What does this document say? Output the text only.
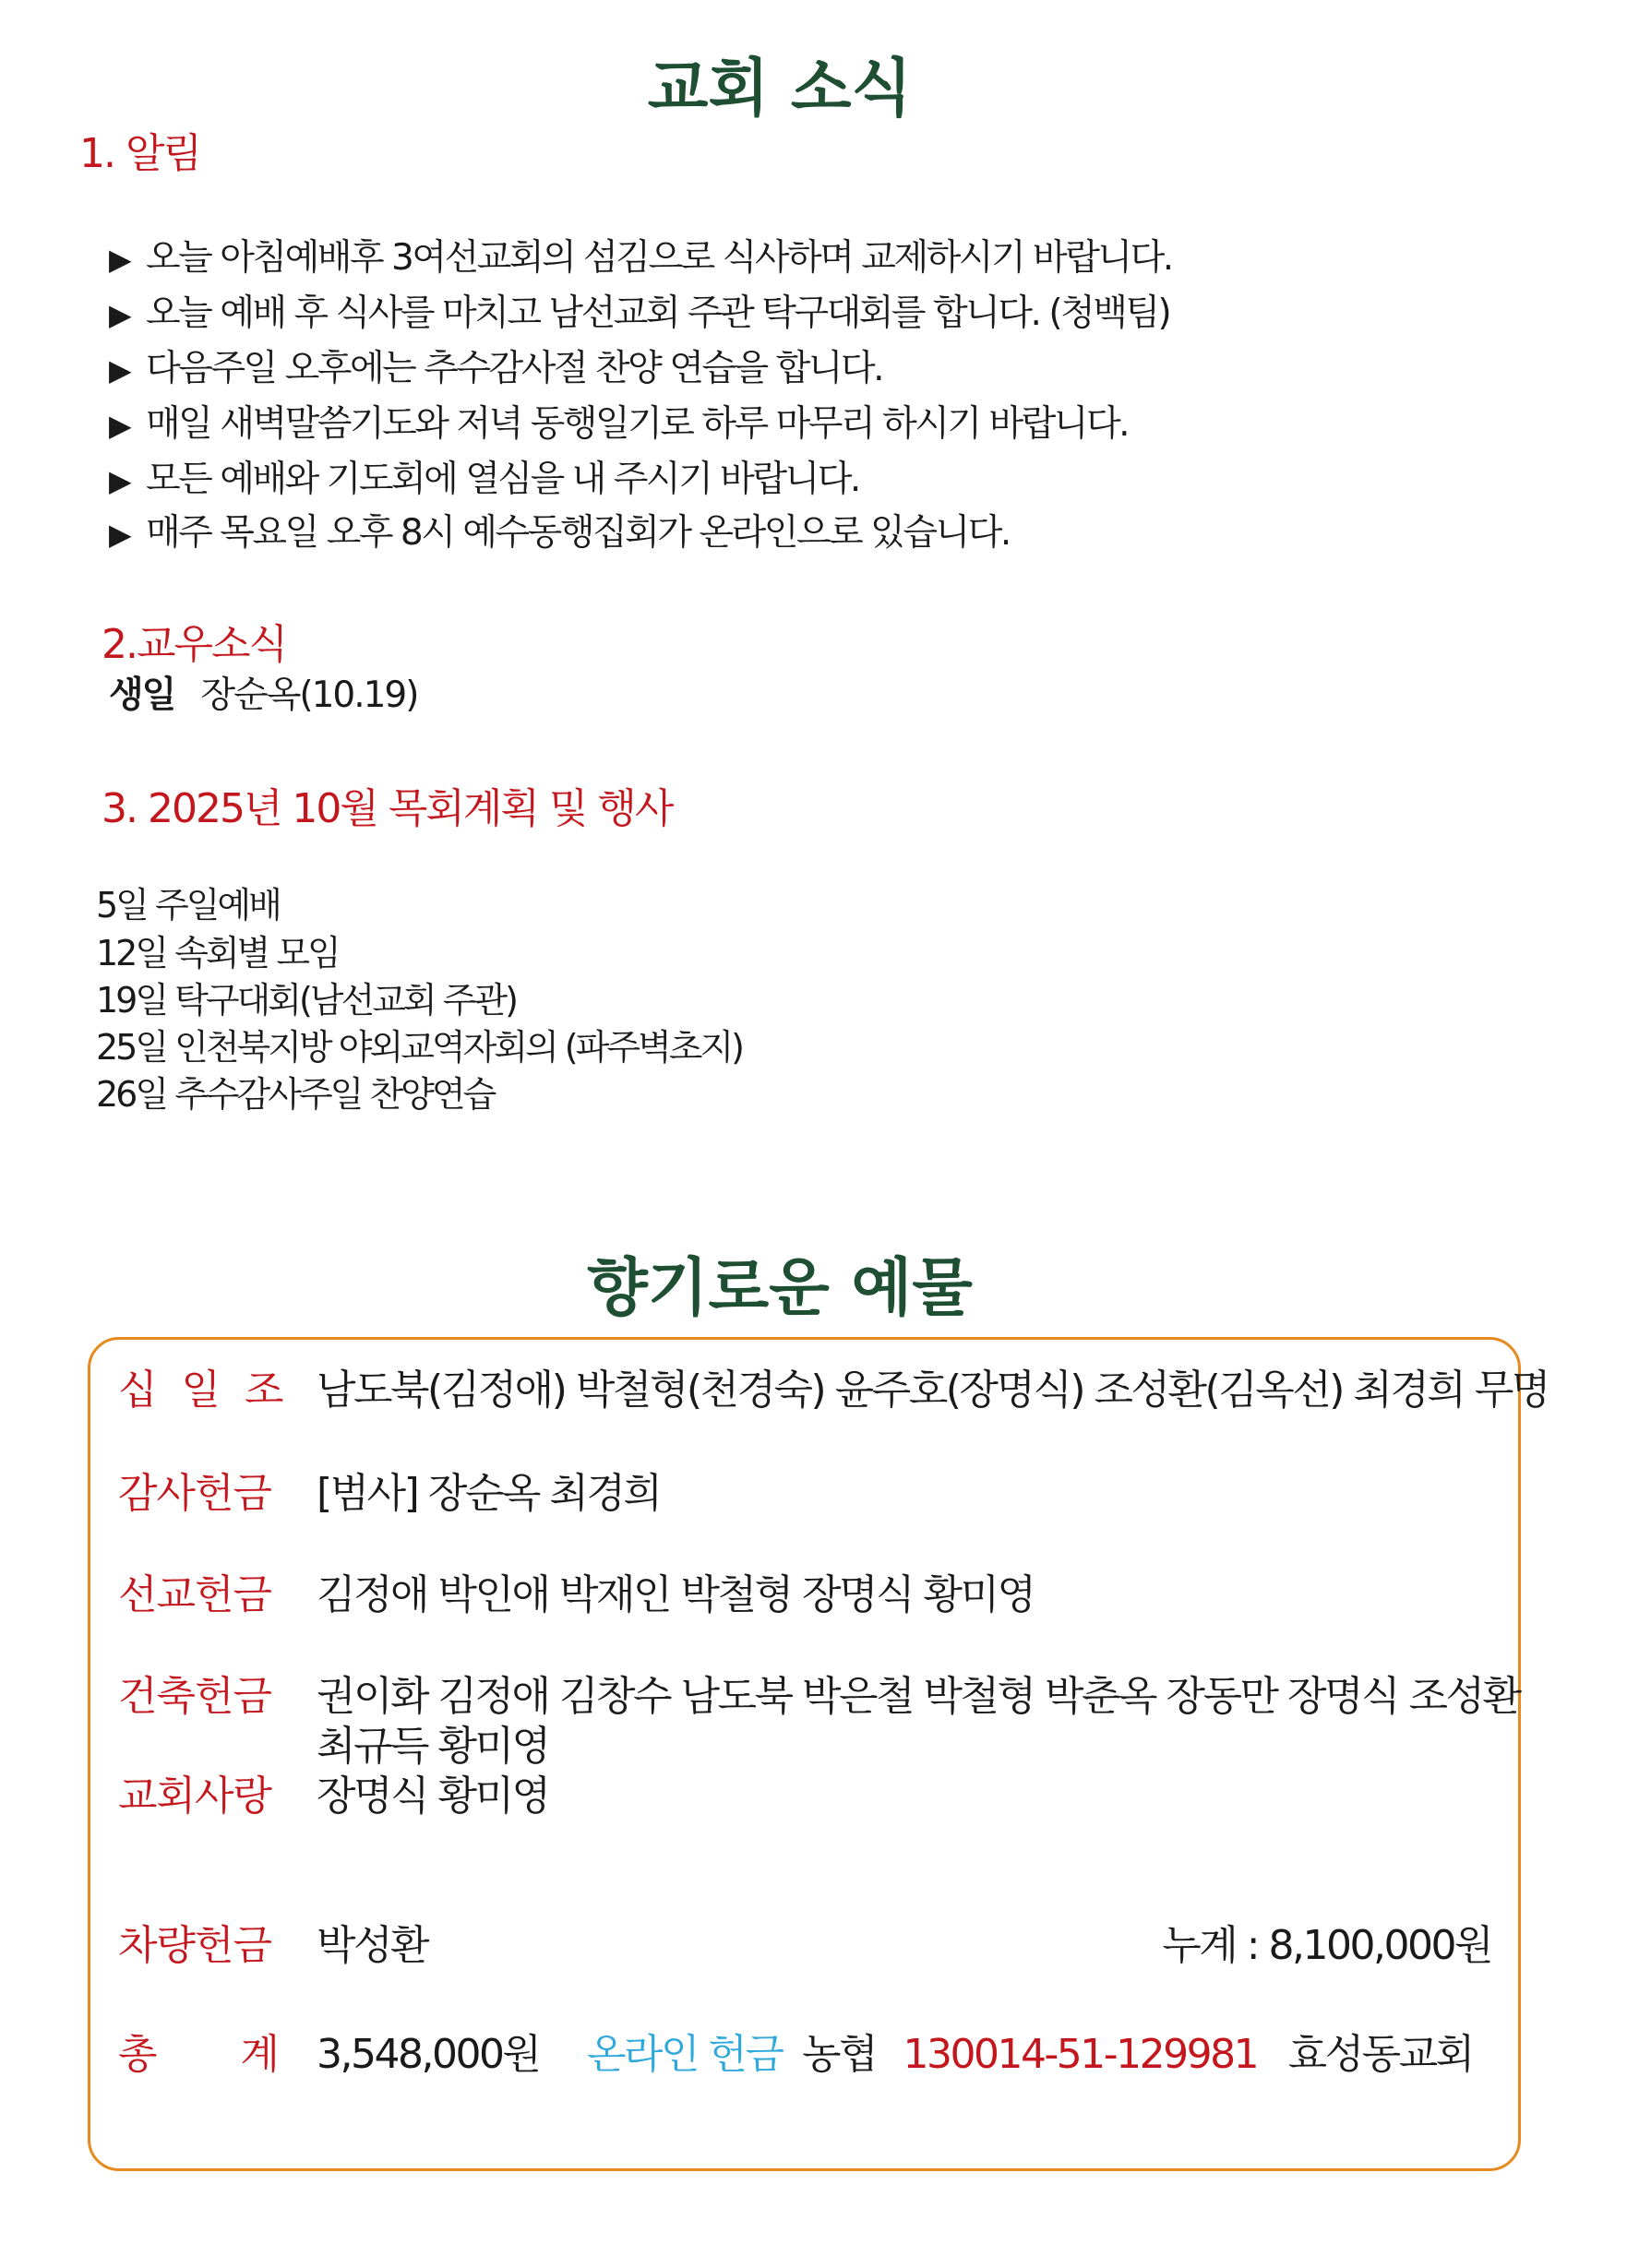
교회 소식
1. 알림
▶ 오늘 아침예배후 3여선교회의 섬김으로 식사하며 교제하시기 바랍니다.
▶ 오늘 예배 후 식사를 마치고 남선교회 주관 탁구대회를 합니다. (청백팀)
▶ 다음주일 오후에는 추수감사절 찬양 연습을 합니다.
▶ 매일 새벽말씀기도와 저녁 동행일기로 하루 마무리 하시기 바랍니다.
▶ 모든 예배와 기도회에 열심을 내 주시기 바랍니다.
▶ 매주 목요일 오후 8시 예수동행집회가 온라인으로 있습니다.
2.교우소식
생일 장순옥(10.19)
3. 2025년 10월 목회계획 및 행사
5일 주일예배
12일 속회별 모임
19일 탁구대회(남선교회 주관)
25일 인천북지방 야외교역자회의 (파주벽초지)
26일 추수감사주일 찬양연습
향기로운 예물
십 일 조 남도북(김정애) 박철형(천경숙) 윤주호(장명식) 조성환(김옥선) 최경희 무명
감사헌금 [범사] 장순옥 최경희
선교헌금 김정애 박인애 박재인 박철형 장명식 황미영
건축헌금 권이화 김정애 김창수 남도북 박은철 박철형 박춘옥 장동만 장명식 조성환
최규득 황미영
교회사랑 장명식 황미영
차량헌금 박성환	누계 : 8,100,000원
총       계 3,548,000원 온라인 헌금 농협 130014-51-129981 효성동교회
